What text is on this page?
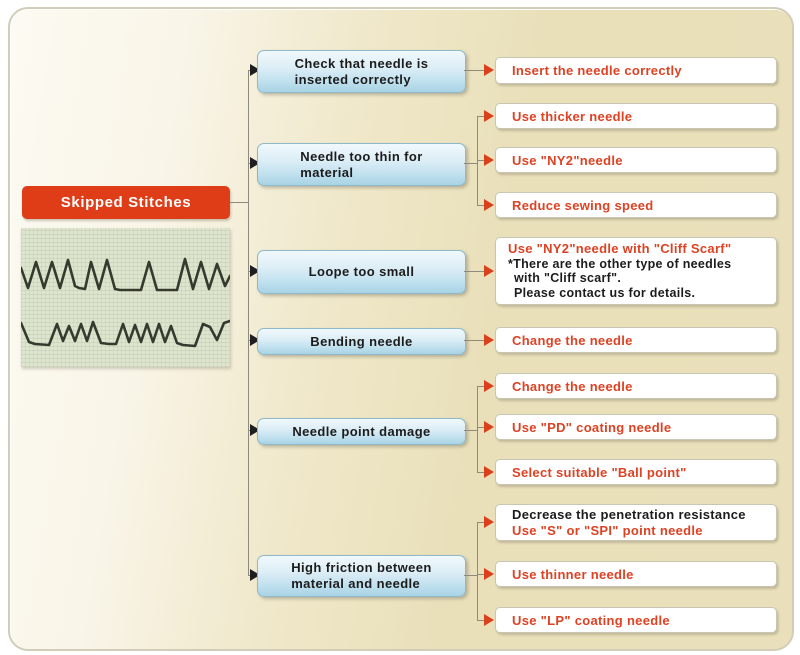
Skipped Stitches
Check that needle is
inserted correctly
Needle too thin for
material
Loope too small
Bending needle
Needle point damage
High friction between
material and needle
Insert the needle correctly
Use thicker needle
Use "NY2"needle
Reduce sewing speed
Use "NY2"needle with "Cliff Scarf"
*There are the other type of needles
with "Cliff scarf".
Please contact us for details.
Change the needle
Change the needle
Use "PD" coating needle
Select suitable "Ball point"
Decrease the penetration resistance
Use "S" or "SPI" point needle
Use thinner needle
Use "LP" coating needle
